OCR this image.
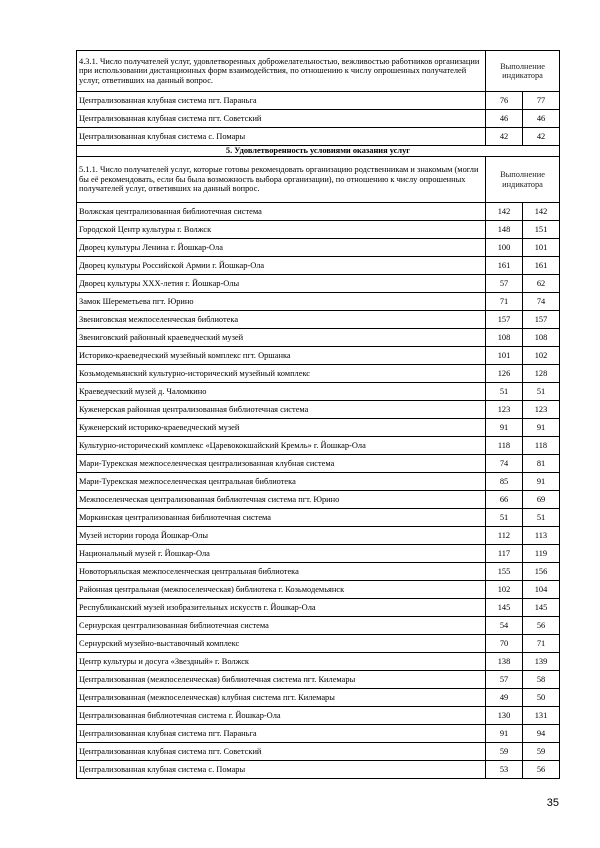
4.3.1. Число получателей услуг, удовлетворенных доброжелательностью, вежливостью работников организации при использовании дистанционных форм взаимодействия, по отношению к числу опрошенных получателей услуг, ответивших на данный вопрос.	Выполнение индикатора	
Централизованная клубная система пгт. Параньга	76	77
Централизованная клубная система пгт. Советский	46	46
Централизованная клубная система с. Помары	42	42
5. Удовлетворенность условиями оказания услуг		
5.1.1. Число получателей услуг, которые готовы рекомендовать организацию родственникам и знакомым (могли бы её рекомендовать, если бы была возможность выбора организации), по отношению к числу опрошенных получателей услуг, ответивших на данный вопрос.	Выполнение индикатора	
Волжская централизованная библиотечная система	142	142
Городской Центр культуры г. Волжск	148	151
Дворец культуры Ленина г. Йошкар-Ола	100	101
Дворец культуры Российской Армии г. Йошкар-Ола	161	161
Дворец культуры XXX-летия г. Йошкар-Олы	57	62
Замок Шереметьева пгт. Юрино	71	74
Звениговская межпоселенческая библиотека	157	157
Звениговский районный краеведческий музей	108	108
Историко-краеведческий музейный комплекс пгт. Оршанка	101	102
Козьмодемьянский культурно-исторический музейный комплекс	126	128
Краеведческий музей д. Чаломкино	51	51
Куженерская районная централизованная библиотечная система	123	123
Куженерский историко-краеведческий музей	91	91
Культурно-исторический комплекс «Царевококшайский Кремль» г. Йошкар-Ола	118	118
Мари-Турекская межпоселенческая централизованная клубная система	74	81
Мари-Турекская межпоселенческая центральная библиотека	85	91
Межпоселенческая централизованная библиотечная система пгт. Юрино	66	69
Моркинская централизованная библиотечная система	51	51
Музей истории города Йошкар-Олы	112	113
Национальный музей г. Йошкар-Ола	117	119
Новоторъяльская межпоселенческая центральная библиотека	155	156
Районная центральная (межпоселенческая) библиотека г. Козьмодемьянск	102	104
Республиканский музей изобразительных искусств г. Йошкар-Ола	145	145
Сернурская централизованная библиотечная система	54	56
Сернурский музейно-выставочный комплекс	70	71
Центр культуры и досуга «Звездный» г. Волжск	138	139
Централизованная (межпоселенческая) библиотечная система пгт. Килемары	57	58
Централизованная (межпоселенческая) клубная система пгт. Килемары	49	50
Централизованная библиотечная система г. Йошкар-Ола	130	131
Централизованная клубная система пгт. Параньга	91	94
Централизованная клубная система пгт. Советский	59	59
Централизованная клубная система с. Помары	53	56
35
